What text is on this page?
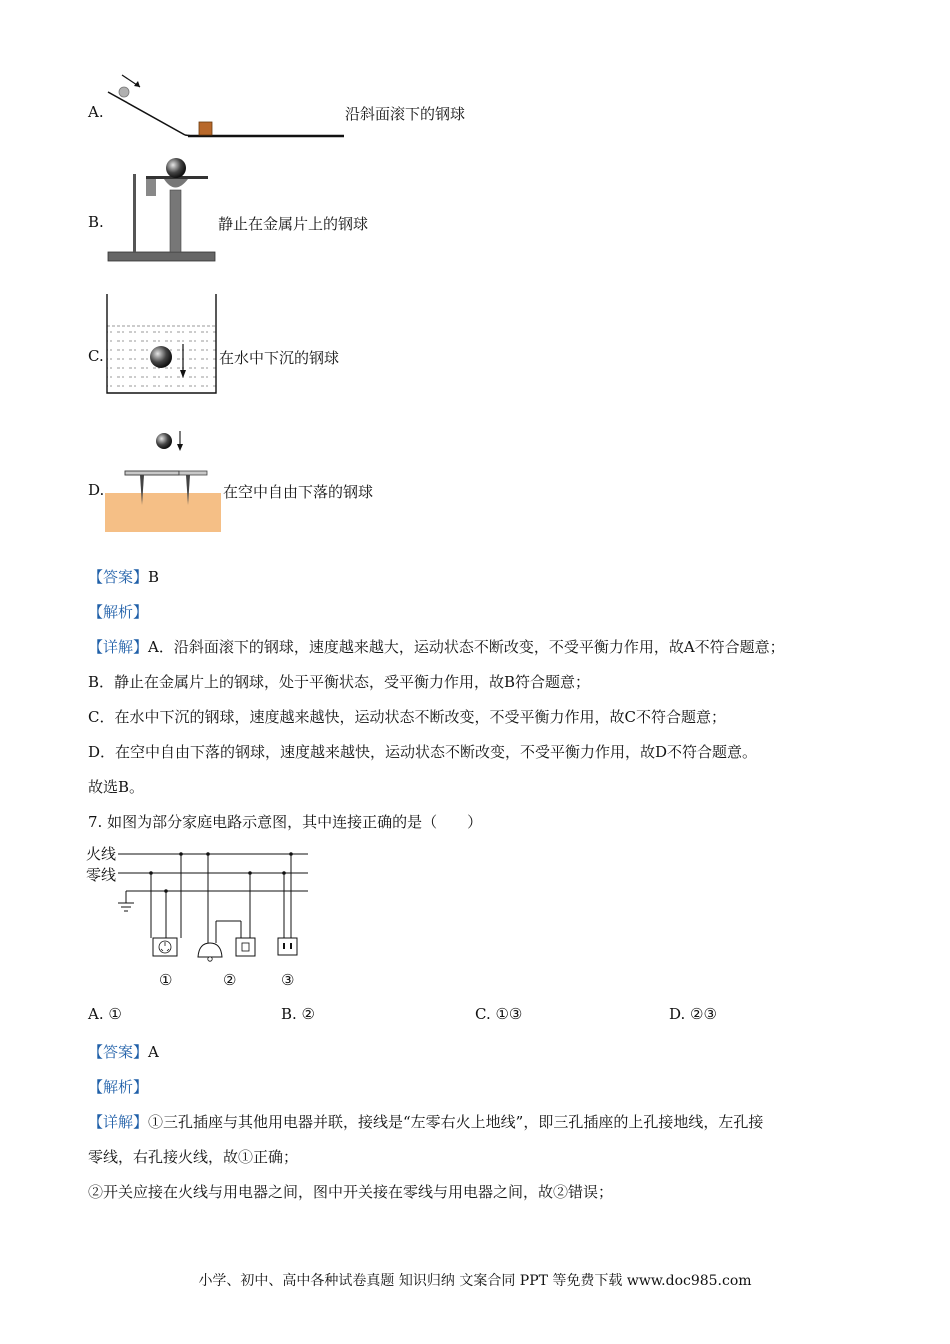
A.	沿斜面滚下的钢球
B.	静止在金属片上的钢球
C.	在水中下沉的钢球
D.	在空中自由下落的钢球
【答案】B
【解析】
【详解】A．沿斜面滚下的钢球，速度越来越大，运动状态不断改变，不受平衡力作用，故A不符合题意；
B．静止在金属片上的钢球，处于平衡状态，受平衡力作用，故B符合题意；
C．在水中下沉的钢球，速度越来越快，运动状态不断改变，不受平衡力作用，故C不符合题意；
D．在空中自由下落的钢球，速度越来越快，运动状态不断改变，不受平衡力作用，故D不符合题意。
故选B。
7. 如图为部分家庭电路示意图，其中连接正确的是（　　）
火线
零线
①	②	③
A. ①	B. ②	C. ①③	D. ②③
【答案】A
【解析】
【详解】①三孔插座与其他用电器并联，接线是“左零右火上地线”，即三孔插座的上孔接地线，左孔接
零线，右孔接火线，故①正确；
②开关应接在火线与用电器之间，图中开关接在零线与用电器之间，故②错误；
小学、初中、高中各种试卷真题 知识归纳 文案合同 PPT 等免费下载 www.doc985.com
